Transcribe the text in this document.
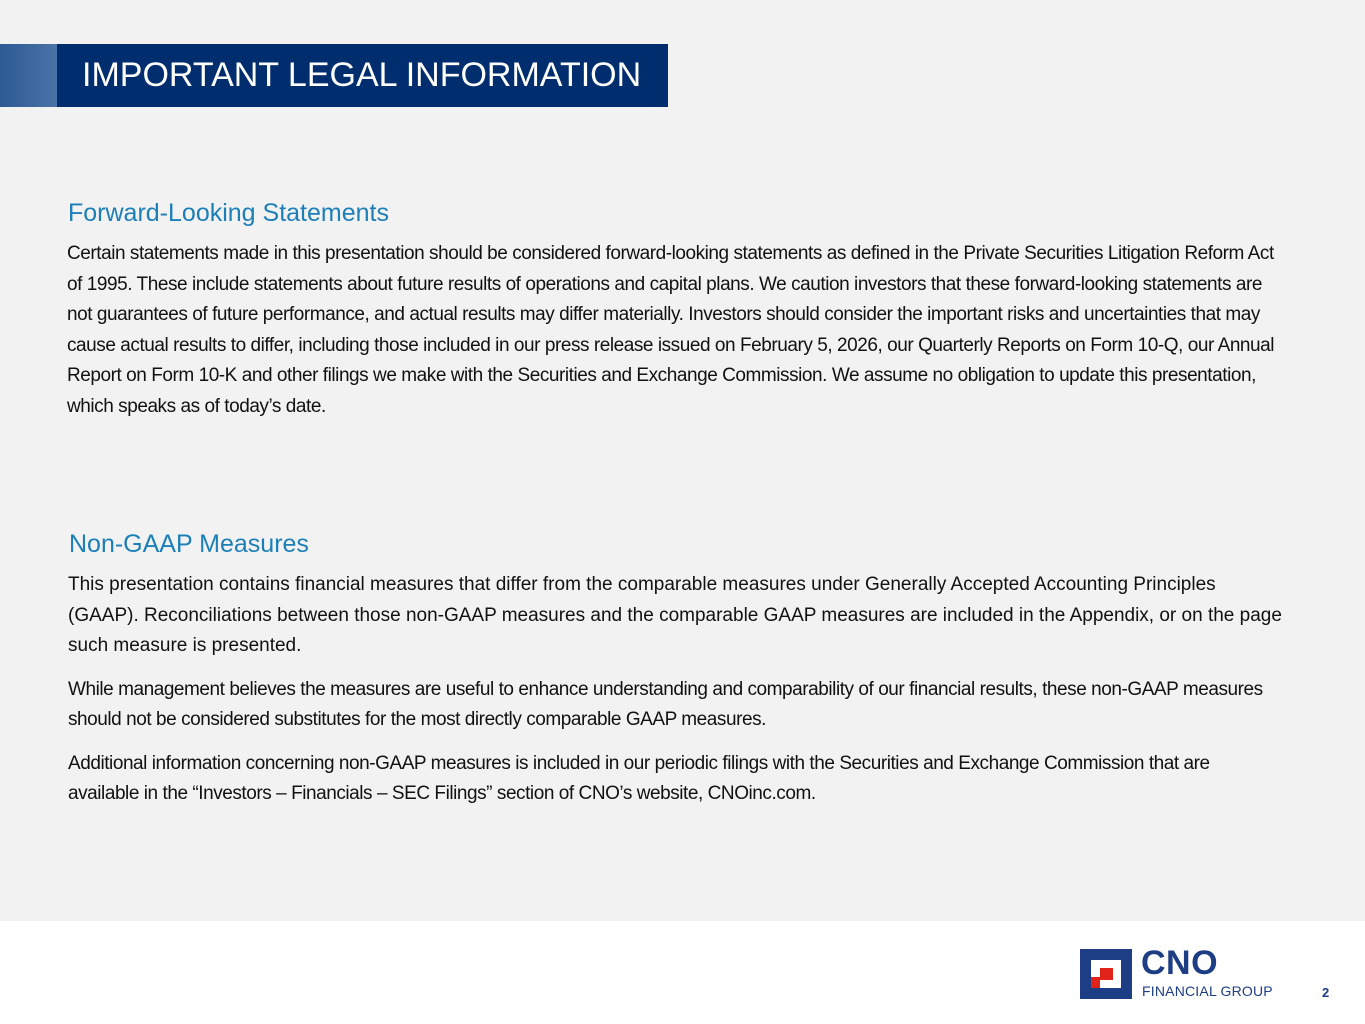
IMPORTANT LEGAL INFORMATION
Forward-Looking Statements

Certain statements made in this presentation should be considered forward-looking statements as defined in the Private Securities Litigation Reform Act of 1995. These include statements about future results of operations and capital plans. We caution investors that these forward-looking statements are not guarantees of future performance, and actual results may differ materially. Investors should consider the important risks and uncertainties that may cause actual results to differ, including those included in our press release issued on February 5, 2026, our Quarterly Reports on Form 10-Q, our Annual Report on Form 10-K and other filings we make with the Securities and Exchange Commission. We assume no obligation to update this presentation, which speaks as of today’s date.

Non-GAAP Measures

This presentation contains financial measures that differ from the comparable measures under Generally Accepted Accounting Principles (GAAP). Reconciliations between those non-GAAP measures and the comparable GAAP measures are included in the Appendix, or on the page such measure is presented.

While management believes the measures are useful to enhance understanding and comparability of our financial results, these non-GAAP measures should not be considered substitutes for the most directly comparable GAAP measures.

Additional information concerning non-GAAP measures is included in our periodic filings with the Securities and Exchange Commission that are available in the “Investors – Financials – SEC Filings” section of CNO’s website, CNOinc.com.

CNO
FINANCIAL GROUP	2
